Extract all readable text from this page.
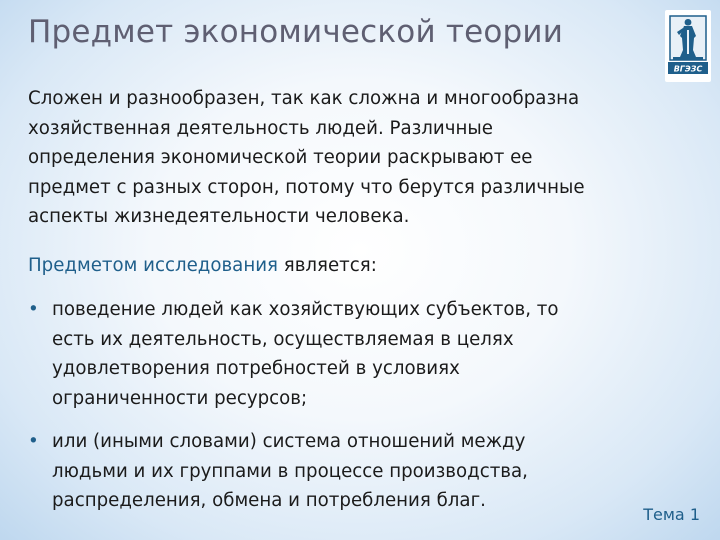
Предмет экономической теории
ВГЭЗС
Сложен и разнообразен, так как сложна и многообразна
хозяйственная деятельность людей. Различные
определения экономической теории раскрывают ее
предмет с разных сторон, потому что берутся различные
аспекты жизнедеятельности человека.
Предметом исследования является:
• поведение людей как хозяйствующих субъектов, то
есть их деятельность, осуществляемая в целях
удовлетворения потребностей в условиях
ограниченности ресурсов;
• или (иными словами) система отношений между
людьми и их группами в процессе производства,
распределения, обмена и потребления благ.
Тема 1
